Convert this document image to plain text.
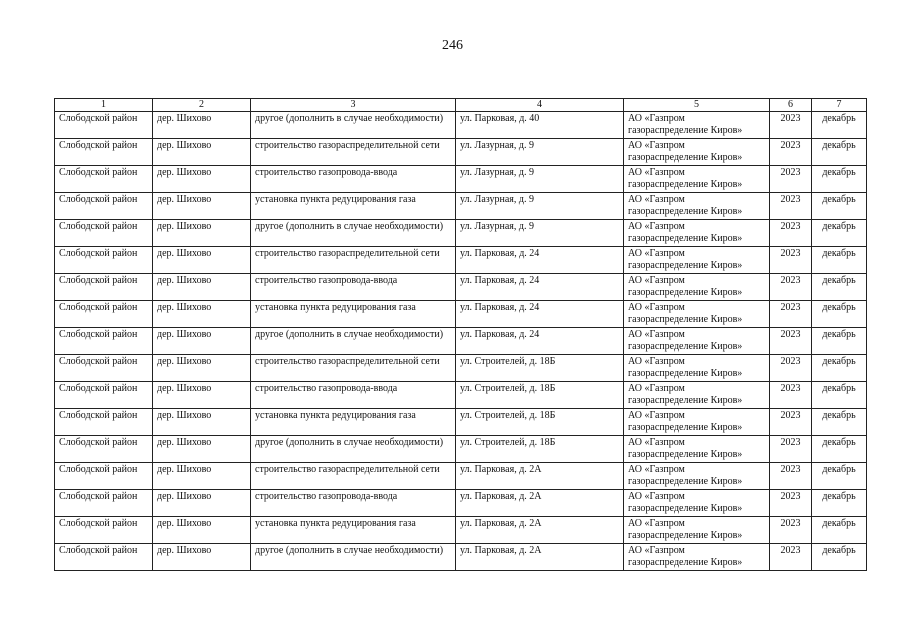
246
1	2	3	4	5	6	7
Слободской район	дер. Шихово	другое (дополнить в случае необходимости)	ул. Парковая, д. 40	АО «Газпром газораспределение Киров»	2023	декабрь
Слободской район	дер. Шихово	строительство газораспределительной сети	ул. Лазурная, д. 9	АО «Газпром газораспределение Киров»	2023	декабрь
Слободской район	дер. Шихово	строительство газопровода-ввода	ул. Лазурная, д. 9	АО «Газпром газораспределение Киров»	2023	декабрь
Слободской район	дер. Шихово	установка пункта редуцирования газа	ул. Лазурная, д. 9	АО «Газпром газораспределение Киров»	2023	декабрь
Слободской район	дер. Шихово	другое (дополнить в случае необходимости)	ул. Лазурная, д. 9	АО «Газпром газораспределение Киров»	2023	декабрь
Слободской район	дер. Шихово	строительство газораспределительной сети	ул. Парковая, д. 24	АО «Газпром газораспределение Киров»	2023	декабрь
Слободской район	дер. Шихово	строительство газопровода-ввода	ул. Парковая, д. 24	АО «Газпром газораспределение Киров»	2023	декабрь
Слободской район	дер. Шихово	установка пункта редуцирования газа	ул. Парковая, д. 24	АО «Газпром газораспределение Киров»	2023	декабрь
Слободской район	дер. Шихово	другое (дополнить в случае необходимости)	ул. Парковая, д. 24	АО «Газпром газораспределение Киров»	2023	декабрь
Слободской район	дер. Шихово	строительство газораспределительной сети	ул. Строителей, д. 18Б	АО «Газпром газораспределение Киров»	2023	декабрь
Слободской район	дер. Шихово	строительство газопровода-ввода	ул. Строителей, д. 18Б	АО «Газпром газораспределение Киров»	2023	декабрь
Слободской район	дер. Шихово	установка пункта редуцирования газа	ул. Строителей, д. 18Б	АО «Газпром газораспределение Киров»	2023	декабрь
Слободской район	дер. Шихово	другое (дополнить в случае необходимости)	ул. Строителей, д. 18Б	АО «Газпром газораспределение Киров»	2023	декабрь
Слободской район	дер. Шихово	строительство газораспределительной сети	ул. Парковая, д. 2А	АО «Газпром газораспределение Киров»	2023	декабрь
Слободской район	дер. Шихово	строительство газопровода-ввода	ул. Парковая, д. 2А	АО «Газпром газораспределение Киров»	2023	декабрь
Слободской район	дер. Шихово	установка пункта редуцирования газа	ул. Парковая, д. 2А	АО «Газпром газораспределение Киров»	2023	декабрь
Слободской район	дер. Шихово	другое (дополнить в случае необходимости)	ул. Парковая, д. 2А	АО «Газпром газораспределение Киров»	2023	декабрь
